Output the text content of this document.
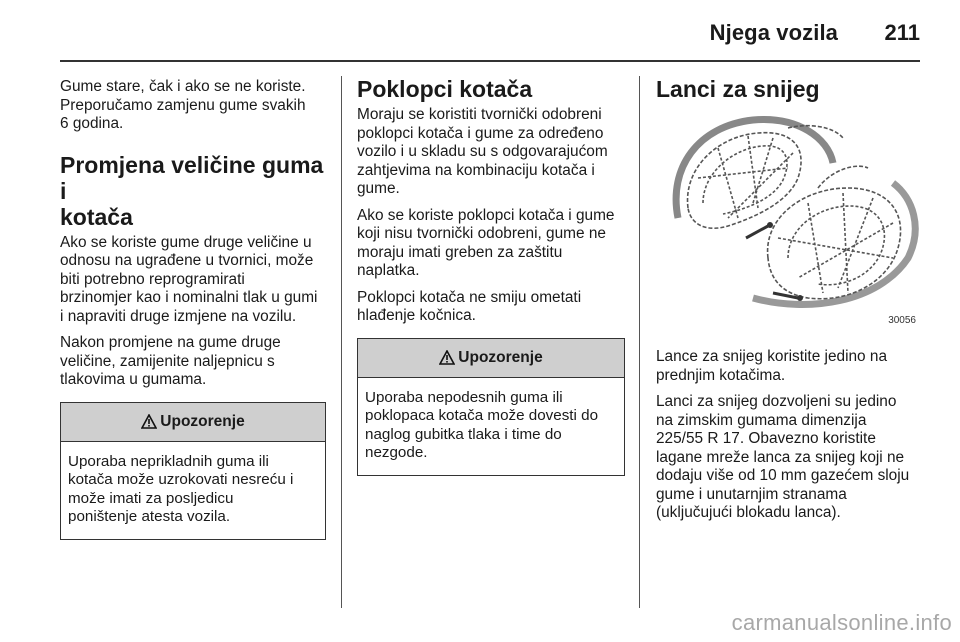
Njega vozila 211

Gume stare, čak i ako se ne koriste.
Preporučamo zamjenu gume svakih
6 godina.

Promjena veličine guma i
kotača

Ako se koriste gume druge veličine u
odnosu na ugrađene u tvornici, može
biti potrebno reprogramirati
brzinomjer kao i nominalni tlak u gumi
i napraviti druge izmjene na vozilu.

Nakon promjene na gume druge
veličine, zamijenite naljepnicu s
tlakovima u gumama.

Upozorenje
Uporaba neprikladnih guma ili
kotača može uzrokovati nesreću i
može imati za posljedicu
poništenje atesta vozila.
Poklopci kotača

Moraju se koristiti tvornički odobreni
poklopci kotača i gume za određeno
vozilo i u skladu su s odgovarajućom
zahtjevima na kombinaciju kotača i
gume.

Ako se koriste poklopci kotača i gume
koji nisu tvornički odobreni, gume ne
moraju imati greben za zaštitu
naplatka.

Poklopci kotača ne smiju ometati
hlađenje kočnica.

Upozorenje
Uporaba nepodesnih guma ili
poklopaca kotača može dovesti do
naglog gubitka tlaka i time do
nezgode.
Lanci za snijeg
30056

Lance za snijeg koristite jedino na
prednjim kotačima.

Lanci za snijeg dozvoljeni su jedino
na zimskim gumama dimenzija
225/55 R 17. Obavezno koristite
lagane mreže lanca za snijeg koji ne
dodaju više od 10 mm gazećem sloju
gume i unutarnjim stranama
(uključujući blokadu lanca).

carmanualsonline.info
